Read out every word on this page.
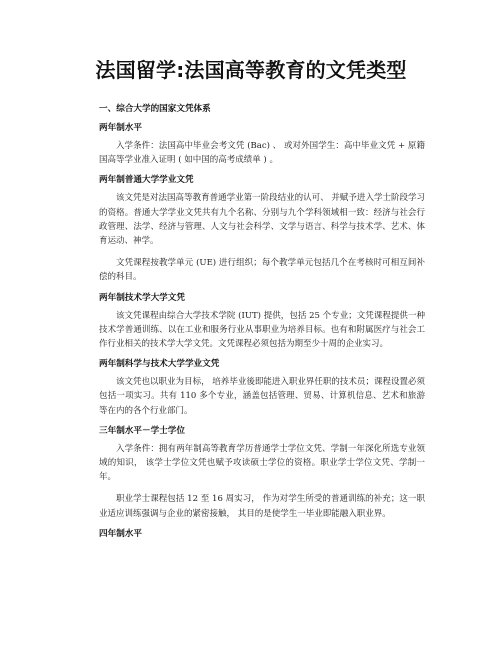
法国留学:法国高等教育的文凭类型
一、综合大学的国家文凭体系
两年制水平
入学条件：法国高中毕业会考文凭 (Bac) 、 或对外国学生：高中毕业文凭 + 原籍国高等学业准入证明 ( 如中国的高考成绩单 ) 。
两年制普通大学学业文凭
该文凭是对法国高等教育普通学业第一阶段结业的认可、 并赋予进入学士阶段学习的资格。普通大学学业文凭共有九个名称、分别与九个学科领域相一致：经济与社会行政管理、法学、经济与管理、人文与社会科学、文学与语言、科学与技术学、艺术、体育运动、神学。
文凭课程按教学单元 (UE) 进行组织；每个教学单元包括几个在考核时可相互间补偿的科目。
两年制技术学大学文凭
该文凭课程由综合大学技术学院 (IUT) 提供，包括 25 个专业；文凭课程提供一种技术学普通训练、以在工业和服务行业从事职业为培养目标。也有和附属医疗与社会工作行业相关的技术学大学文凭。文凭课程必须包括为期至少十周的企业实习。
两年制科学与技术大学学业文凭
该文凭也以职业为目标， 培养毕业後即能进入职业界任职的技术员；课程设置必须包括一项实习。共有 110 多个专业，涵盖包括管理、贸易、计算机信息、艺术和旅游等在内的各个行业部门。
三年制水平－学士学位
入学条件：拥有两年制高等教育学历普通学士学位文凭、学制一年深化所选专业领域的知识， 该学士学位文凭也赋予攻读硕士学位的资格。职业学士学位文凭、学制一年。
职业学士课程包括 12 至 16 周实习， 作为对学生所受的普通训练的补充；这一职业适应训练强调与企业的紧密接触， 其目的是使学生一毕业即能融入职业界。
四年制水平
